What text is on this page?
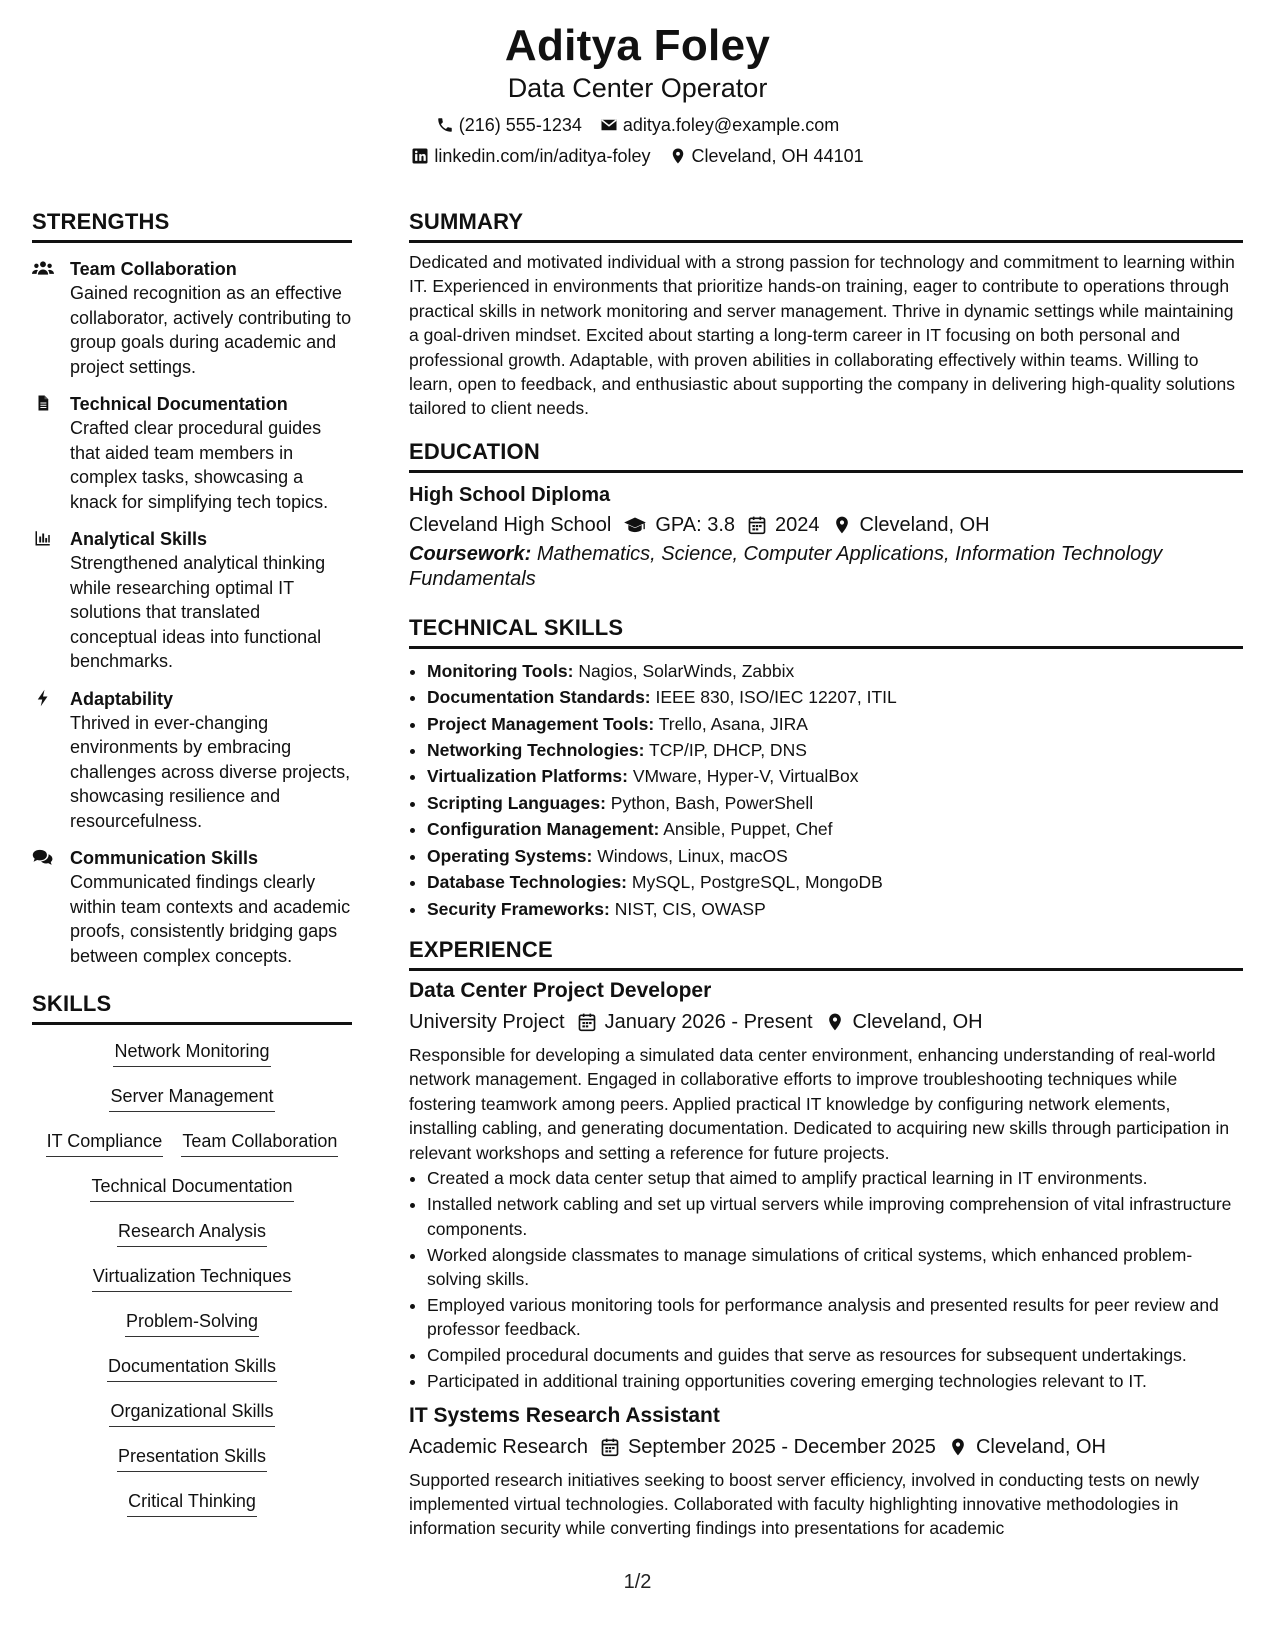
Aditya Foley
Data Center Operator
(216) 555-1234 aditya.foley@example.com
linkedin.com/in/aditya-foley Cleveland, OH 44101
STRENGTHS
Team Collaboration
Gained recognition as an effective collaborator, actively contributing to group goals during academic and project settings.
Technical Documentation
Crafted clear procedural guides that aided team members in complex tasks, showcasing a knack for simplifying tech topics.
Analytical Skills
Strengthened analytical thinking while researching optimal IT solutions that translated conceptual ideas into functional benchmarks.
Adaptability
Thrived in ever-changing environments by embracing challenges across diverse projects, showcasing resilience and resourcefulness.
Communication Skills
Communicated findings clearly within team contexts and academic proofs, consistently bridging gaps between complex concepts.
SKILLS
Network Monitoring
Server Management
IT Compliance Team Collaboration
Technical Documentation
Research Analysis
Virtualization Techniques
Problem-Solving
Documentation Skills
Organizational Skills
Presentation Skills
Critical Thinking
SUMMARY
Dedicated and motivated individual with a strong passion for technology and commitment to learning within IT. Experienced in environments that prioritize hands-on training, eager to contribute to operations through practical skills in network monitoring and server management. Thrive in dynamic settings while maintaining a goal-driven mindset. Excited about starting a long-term career in IT focusing on both personal and professional growth. Adaptable, with proven abilities in collaborating effectively within teams. Willing to learn, open to feedback, and enthusiastic about supporting the company in delivering high-quality solutions tailored to client needs.
EDUCATION
High School Diploma
Cleveland High School GPA: 3.8 2024 Cleveland, OH
Coursework: Mathematics, Science, Computer Applications, Information Technology Fundamentals
TECHNICAL SKILLS
• Monitoring Tools: Nagios, SolarWinds, Zabbix
• Documentation Standards: IEEE 830, ISO/IEC 12207, ITIL
• Project Management Tools: Trello, Asana, JIRA
• Networking Technologies: TCP/IP, DHCP, DNS
• Virtualization Platforms: VMware, Hyper-V, VirtualBox
• Scripting Languages: Python, Bash, PowerShell
• Configuration Management: Ansible, Puppet, Chef
• Operating Systems: Windows, Linux, macOS
• Database Technologies: MySQL, PostgreSQL, MongoDB
• Security Frameworks: NIST, CIS, OWASP
EXPERIENCE
Data Center Project Developer
University Project January 2026 - Present Cleveland, OH
Responsible for developing a simulated data center environment, enhancing understanding of real-world network management. Engaged in collaborative efforts to improve troubleshooting techniques while fostering teamwork among peers. Applied practical IT knowledge by configuring network elements, installing cabling, and generating documentation. Dedicated to acquiring new skills through participation in relevant workshops and setting a reference for future projects.
• Created a mock data center setup that aimed to amplify practical learning in IT environments.
• Installed network cabling and set up virtual servers while improving comprehension of vital infrastructure components.
• Worked alongside classmates to manage simulations of critical systems, which enhanced problem-solving skills.
• Employed various monitoring tools for performance analysis and presented results for peer review and professor feedback.
• Compiled procedural documents and guides that serve as resources for subsequent undertakings.
• Participated in additional training opportunities covering emerging technologies relevant to IT.
IT Systems Research Assistant
Academic Research September 2025 - December 2025 Cleveland, OH
Supported research initiatives seeking to boost server efficiency, involved in conducting tests on newly implemented virtual technologies. Collaborated with faculty highlighting innovative methodologies in information security while converting findings into presentations for academic
1/2
